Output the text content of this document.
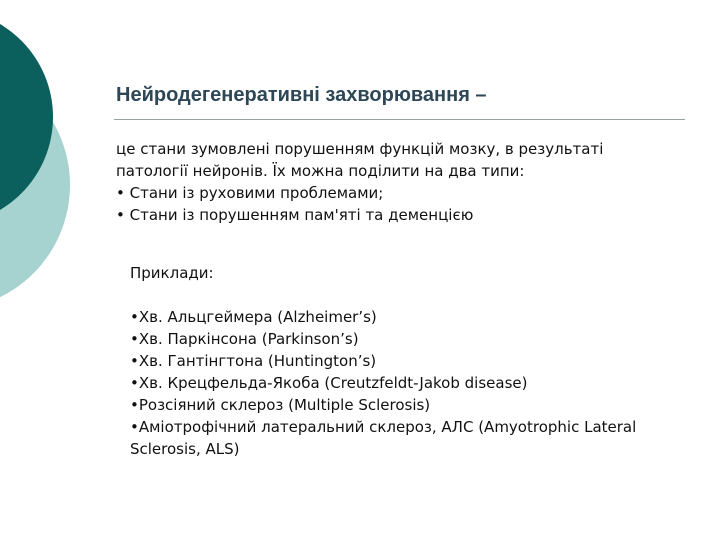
Нейродегенеративні захворювання –

це стани зумовлені порушенням функцій мозку, в результаті

патології нейронів. Їх можна поділити на два типи:

• Стани із руховими проблемами;

• Стани із порушенням пам'яті та деменцією

Приклади:

•Хв. Альцгеймера (Alzheimer’s)

•Хв. Паркінсона (Parkinson’s)

•Хв. Гантінгтона (Huntington’s)

•Хв. Крецфельда-Якоба (Creutzfeldt-Jakob disease)

•Розсіяний склероз (Multiple Sclerosis)

•Аміотрофічний латеральний склероз, АЛС (Amyotrophic Lateral Sclerosis, ALS)
